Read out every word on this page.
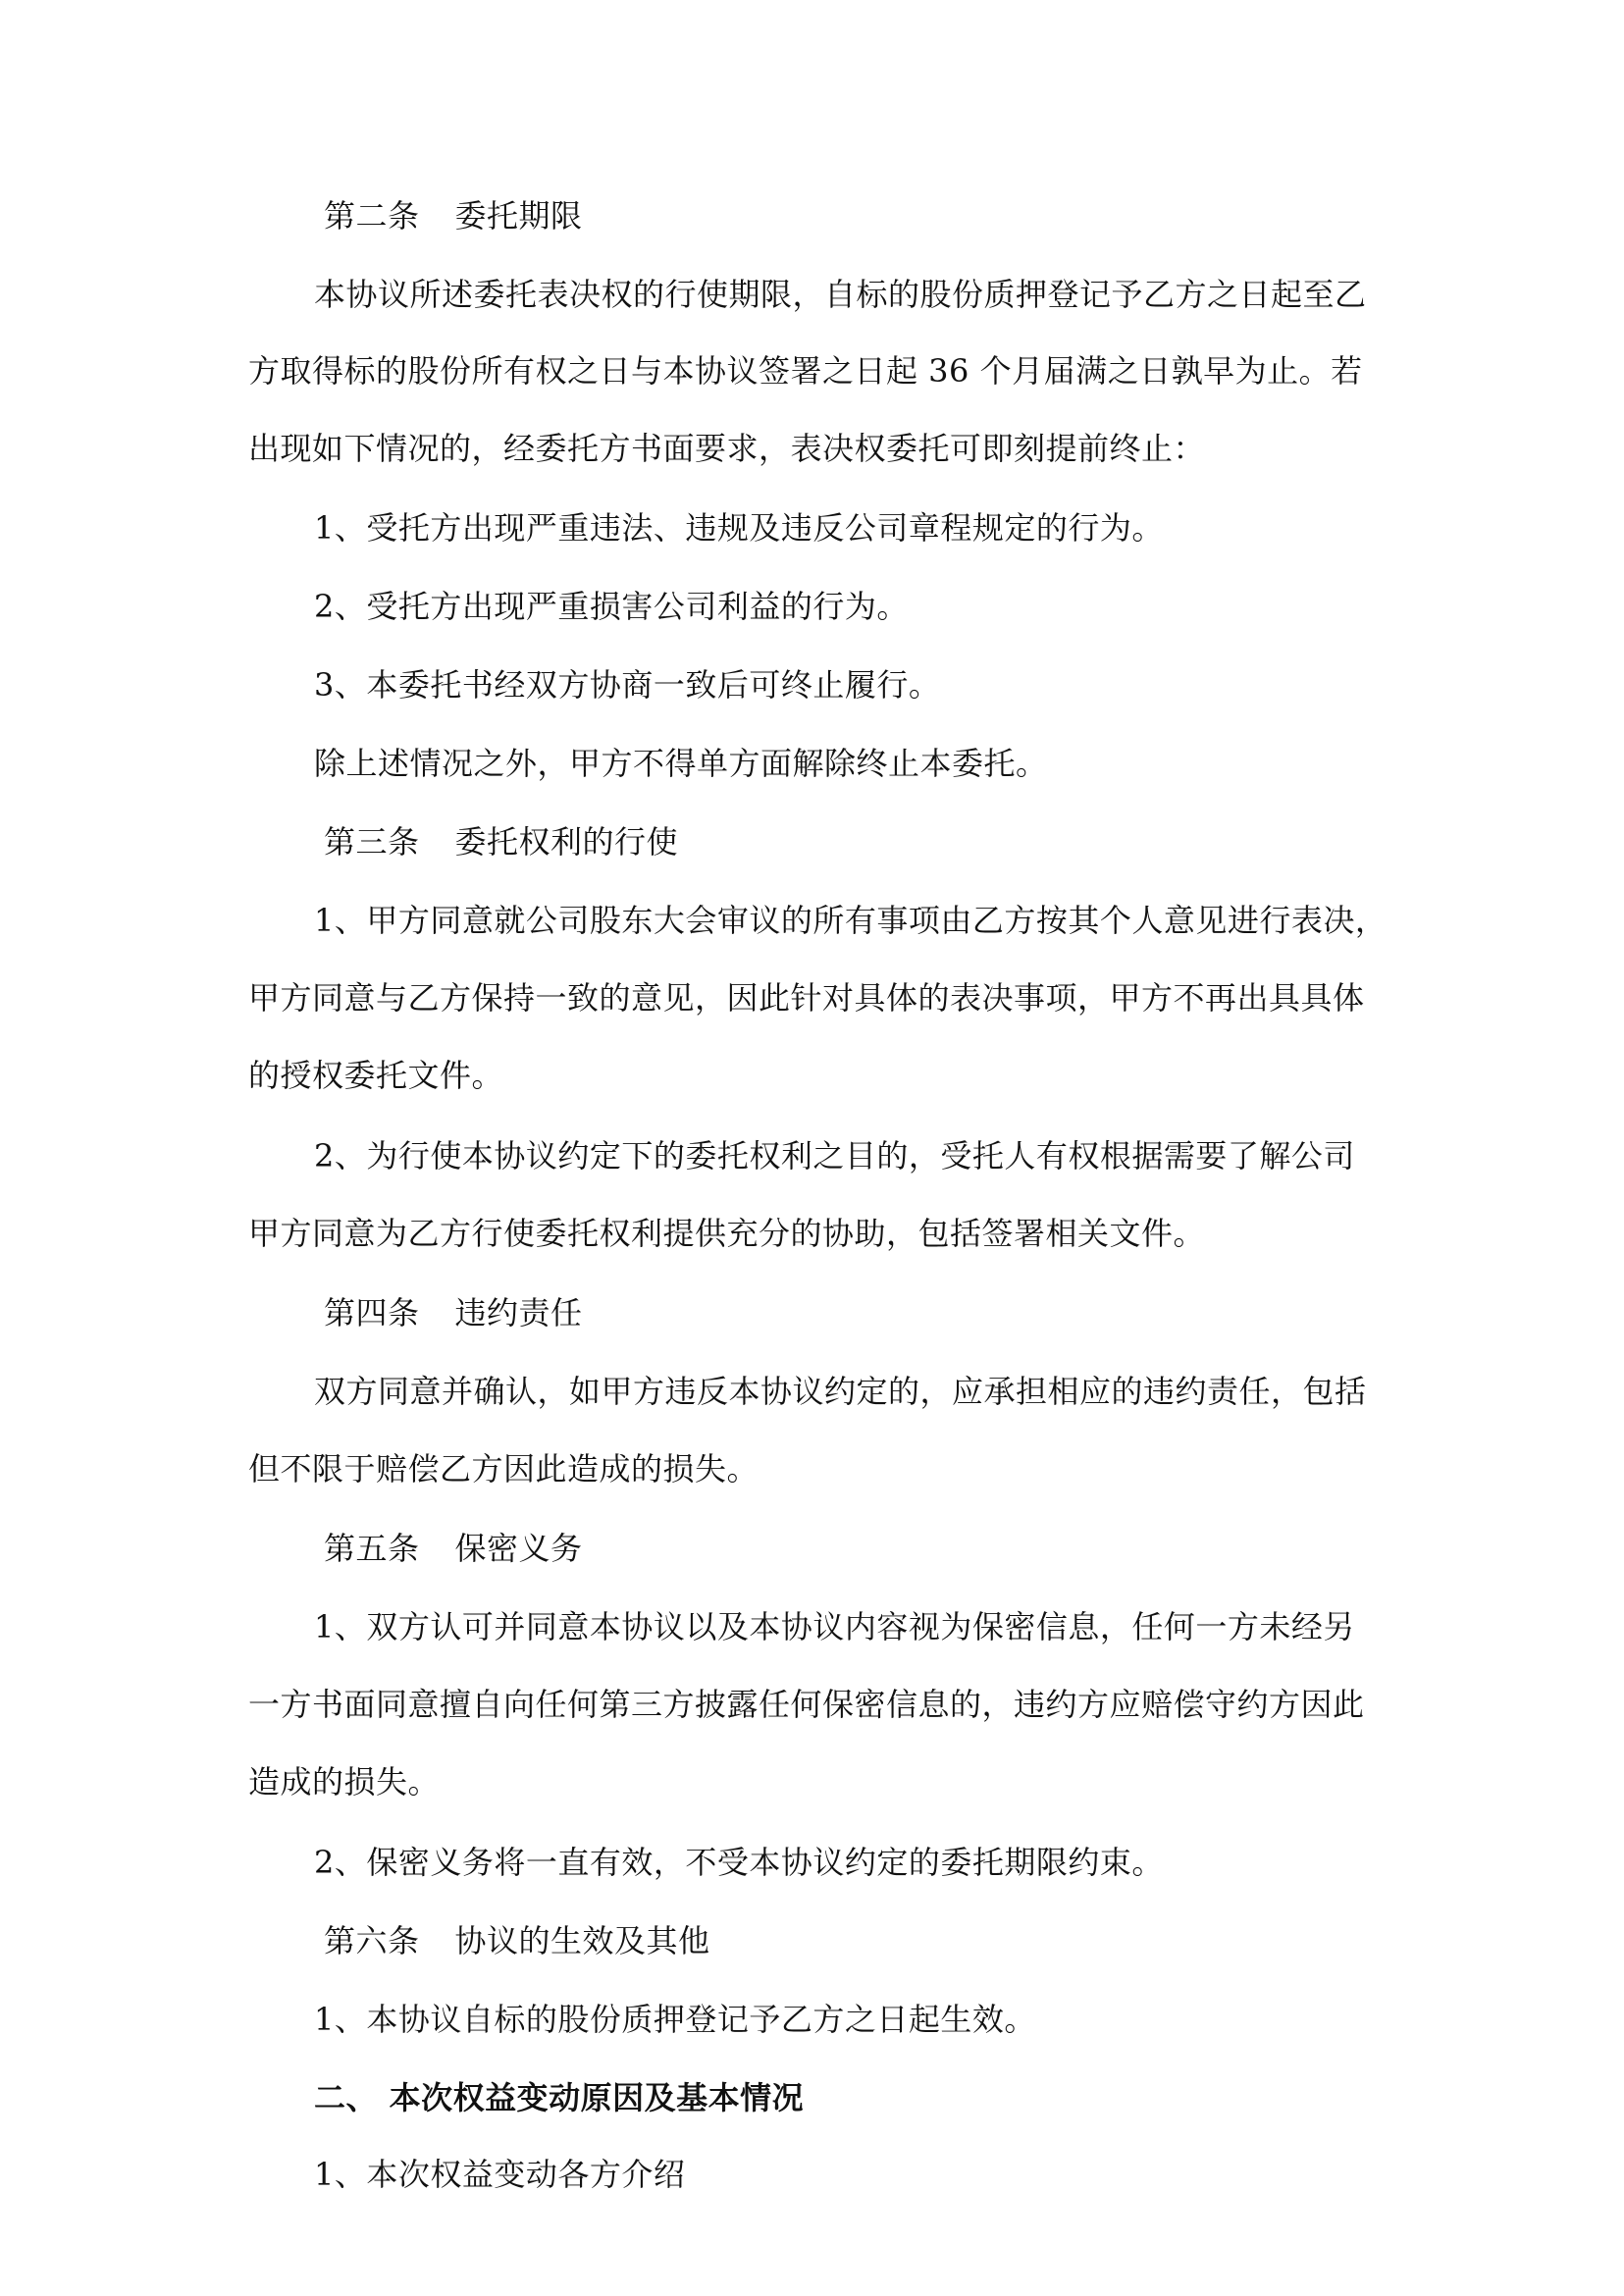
第二条 委托期限
本协议所述委托表决权的行使期限，自标的股份质押登记予乙方之日起至乙
方取得标的股份所有权之日与本协议签署之日起 36 个月届满之日孰早为止。若
出现如下情况的，经委托方书面要求，表决权委托可即刻提前终止：
1、受托方出现严重违法、违规及违反公司章程规定的行为。
2、受托方出现严重损害公司利益的行为。
3、本委托书经双方协商一致后可终止履行。
除上述情况之外，甲方不得单方面解除终止本委托。
第三条 委托权利的行使
1、甲方同意就公司股东大会审议的所有事项由乙方按其个人意见进行表决，
甲方同意与乙方保持一致的意见，因此针对具体的表决事项，甲方不再出具具体
的授权委托文件。
2、为行使本协议约定下的委托权利之目的，受托人有权根据需要了解公司
甲方同意为乙方行使委托权利提供充分的协助，包括签署相关文件。
第四条 违约责任
双方同意并确认，如甲方违反本协议约定的，应承担相应的违约责任，包括
但不限于赔偿乙方因此造成的损失。
第五条 保密义务
1、双方认可并同意本协议以及本协议内容视为保密信息，任何一方未经另
一方书面同意擅自向任何第三方披露任何保密信息的，违约方应赔偿守约方因此
造成的损失。
2、保密义务将一直有效，不受本协议约定的委托期限约束。
第六条 协议的生效及其他
1、本协议自标的股份质押登记予乙方之日起生效。
二、 本次权益变动原因及基本情况
1、本次权益变动各方介绍
